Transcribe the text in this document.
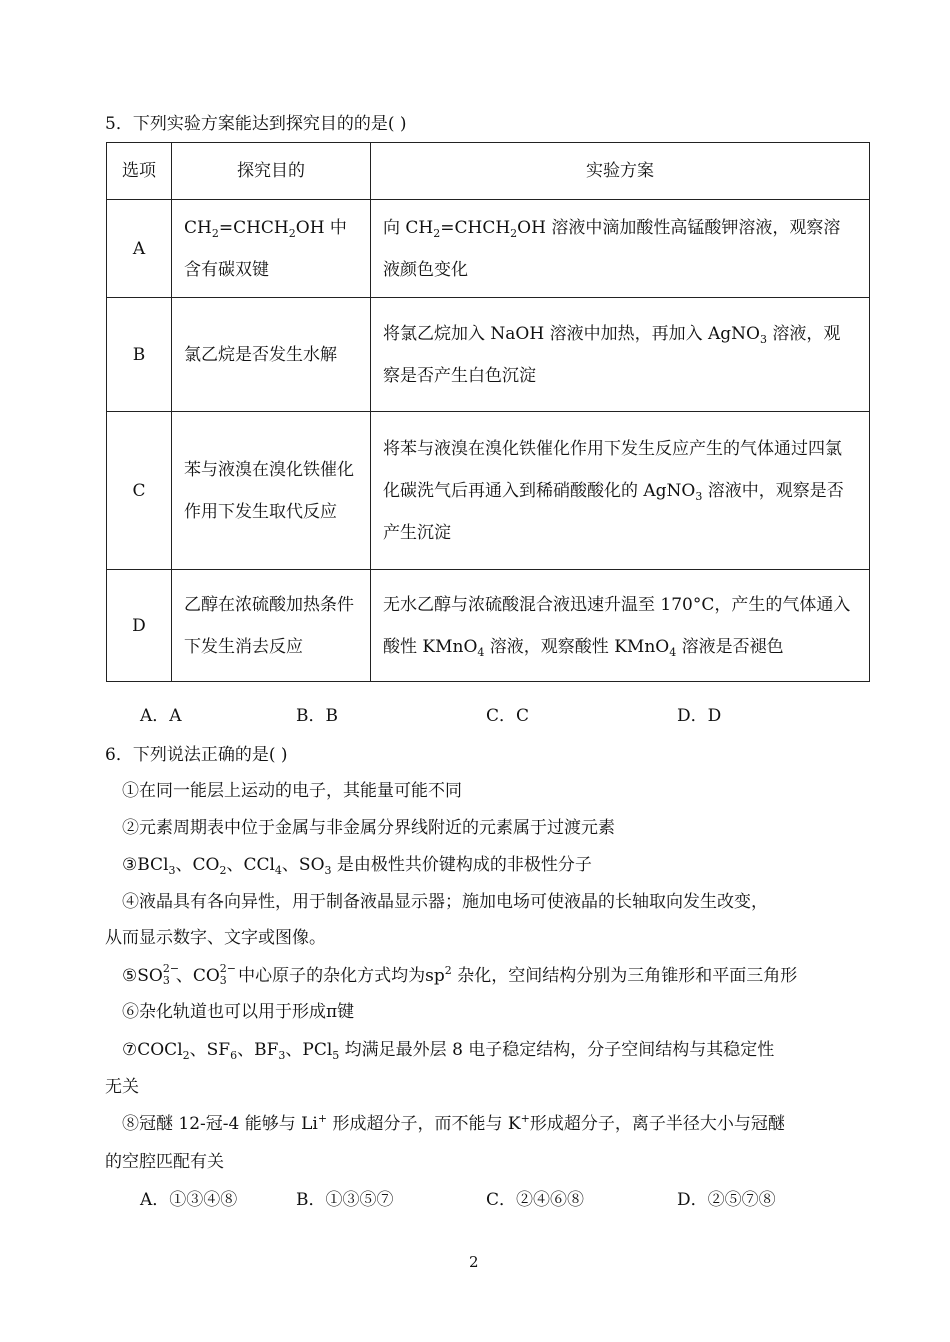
5．下列实验方案能达到探究目的的是( )
选项	探究目的	实验方案
A	$CH_2=CHCH_2OH$ 中含有碳双键	向 $CH_2=CHCH_2OH$ 溶液中滴加酸性高锰酸钾溶液，观察溶液颜色变化
B	氯乙烷是否发生水解	将氯乙烷加入 NaOH 溶液中加热，再加入 AgNO$_3$ 溶液，观察是否产生白色沉淀
C	苯与液溴在溴化铁催化作用下发生取代反应	将苯与液溴在溴化铁催化作用下发生反应产生的气体通过四氯化碳洗气后再通入到稀硝酸酸化的 AgNO$_3$ 溶液中，观察是否产生沉淀
D	乙醇在浓硫酸加热条件下发生消去反应	无水乙醇与浓硫酸混合液迅速升温至 170°C，产生的气体通入酸性 KMnO$_4$ 溶液，观察酸性 KMnO$_4$ 溶液是否褪色
A．A	B．B	C．C	D．D
6．下列说法正确的是( )
①在同一能层上运动的电子，其能量可能不同
②元素周期表中位于金属与非金属分界线附近的元素属于过渡元素
③BCl$_3$、$CO_2$、CCl$_4$、$SO_3$ 是由极性共价键构成的非极性分子
④液晶具有各向异性，用于制备液晶显示器；施加电场可使液晶的长轴取向发生改变，
从而显示数字、文字或图像。
⑤SO 3
2−
、CO 3
2−
中心原子的杂化方式均为$sp^2$ 杂化，空间结构分别为三角锥形和平面三角形
⑥杂化轨道也可以用于形成π键
⑦COCl$_2$、$SF_6$、$BF_3$、PCl$_5$ 均满足最外层 8 电子稳定结构，分子空间结构与其稳定性
无关
⑧冠醚 12-冠-4 能够与 Li+ 形成超分子，而不能与 K+形成超分子，离子半径大小与冠醚
的空腔匹配有关
A．①③④⑧	B．①③⑤⑦	C．②④⑥⑧	D．②⑤⑦⑧
2
